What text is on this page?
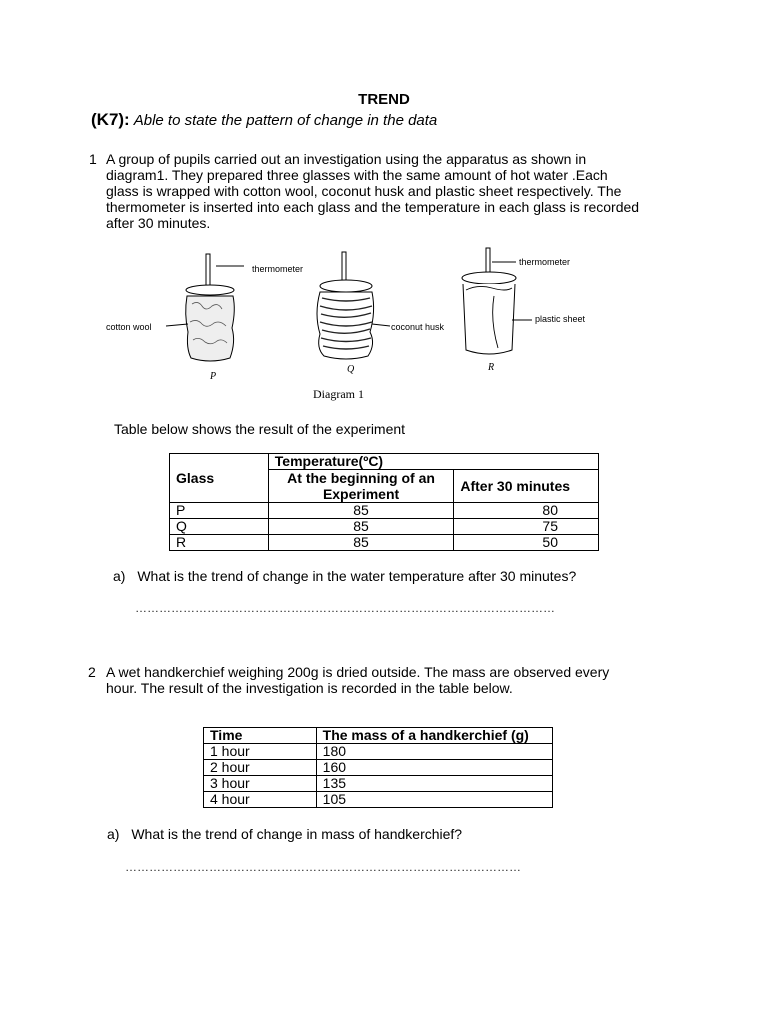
TREND
(K7): Able to state the pattern of change in the data
1 A group of pupils carried out an investigation using the apparatus as shown in

diagram1. They prepared three glasses with the same amount of hot water .Each

glass is wrapped with cotton wool, coconut husk and plastic sheet respectively. The

thermometer is inserted into each glass and the temperature in each glass is recorded

after 30 minutes.

thermometer
thermometer
cotton wool	coconut husk
plastic sheet
P
Q	R
Diagram 1
Table below shows the result of the experiment
Glass	Temperature(ºC)	
	At the beginning of an Experiment	After 30 minutes
P	85	80
Q	85	75
R	85	50
a) What is the trend of change in the water temperature after 30 minutes?
……………………………………………………………………………………………
2 A wet handkerchief weighing 200g is dried outside. The mass are observed every

hour. The result of the investigation is recorded in the table below.

Time	The mass of a handkerchief (g)
1 hour	180
2 hour	160
3 hour	135
4 hour	105
a) What is the trend of change in mass of handkerchief?
………………………………………………………………………………………
